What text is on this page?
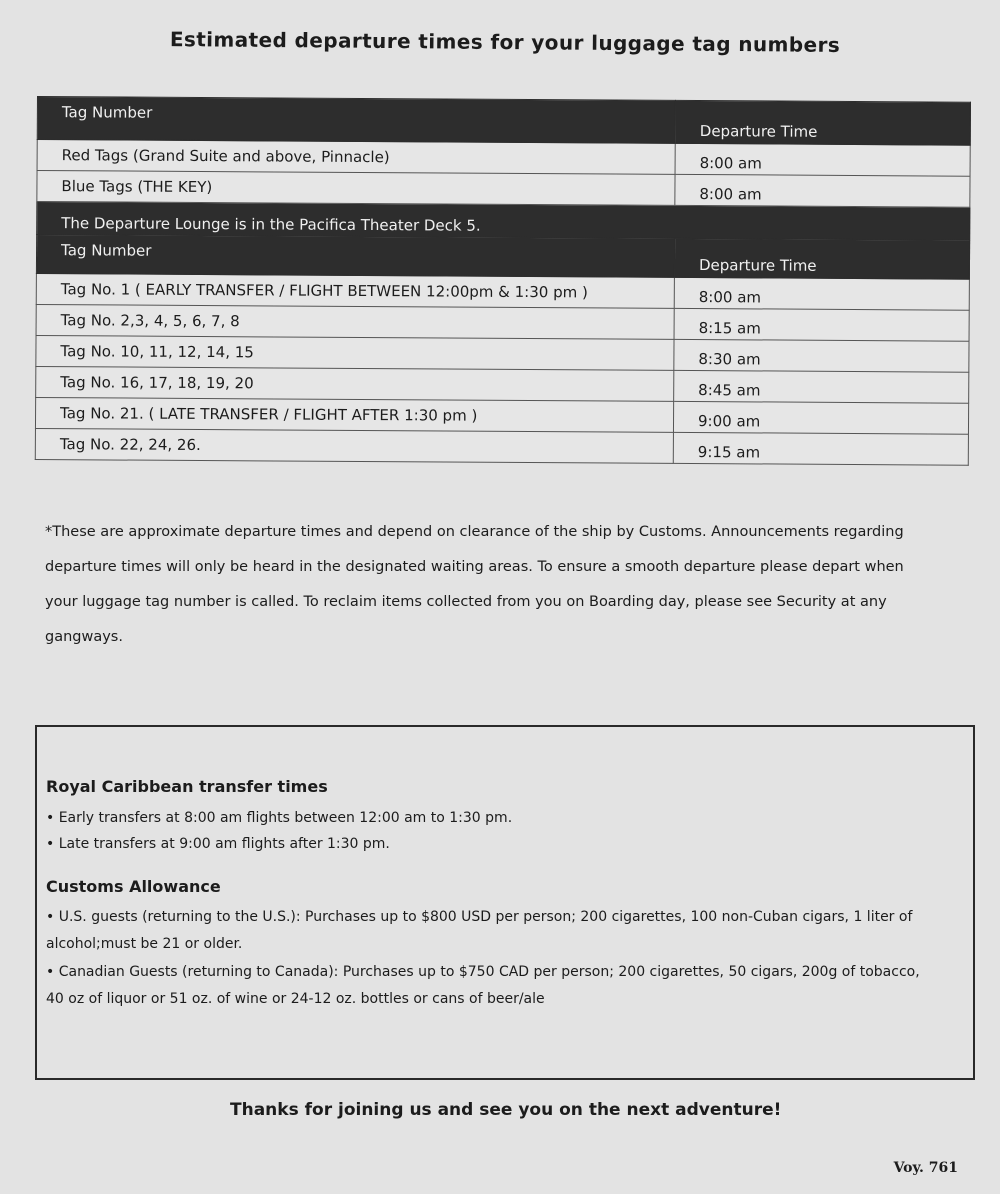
Estimated departure times for your luggage tag numbers
Tag Number	Departure Time
Red Tags (Grand Suite and above, Pinnacle)	8:00 am
Blue Tags (THE KEY)	8:00 am
The Departure Lounge is in the Pacifica Theater Deck 5.	
Tag Number	Departure Time
Tag No. 1 ( EARLY TRANSFER / FLIGHT BETWEEN 12:00pm & 1:30 pm )	8:00 am
Tag No. 2,3, 4, 5, 6, 7, 8	8:15 am
Tag No. 10, 11, 12, 14, 15	8:30 am
Tag No. 16, 17, 18, 19, 20	8:45 am
Tag No. 21. ( LATE TRANSFER / FLIGHT AFTER 1:30 pm )	9:00 am
Tag No. 22, 24, 26.	9:15 am
*These are approximate departure times and depend on clearance of the ship by Customs. Announcements regarding
departure times will only be heard in the designated waiting areas. To ensure a smooth departure please depart when
your luggage tag number is called. To reclaim items collected from you on Boarding day, please see Security at any
gangways.
Royal Caribbean transfer times
• Early transfers at 8:00 am flights between 12:00 am to 1:30 pm.
• Late transfers at 9:00 am flights after 1:30 pm.
Customs Allowance
• U.S. guests (returning to the U.S.): Purchases up to $800 USD per person; 200 cigarettes, 100 non-Cuban cigars, 1 liter of
alcohol;must be 21 or older.
• Canadian Guests (returning to Canada): Purchases up to $750 CAD per person; 200 cigarettes, 50 cigars, 200g of tobacco,
40 oz of liquor or 51 oz. of wine or 24-12 oz. bottles or cans of beer/ale
Thanks for joining us and see you on the next adventure!
Voy. 761
